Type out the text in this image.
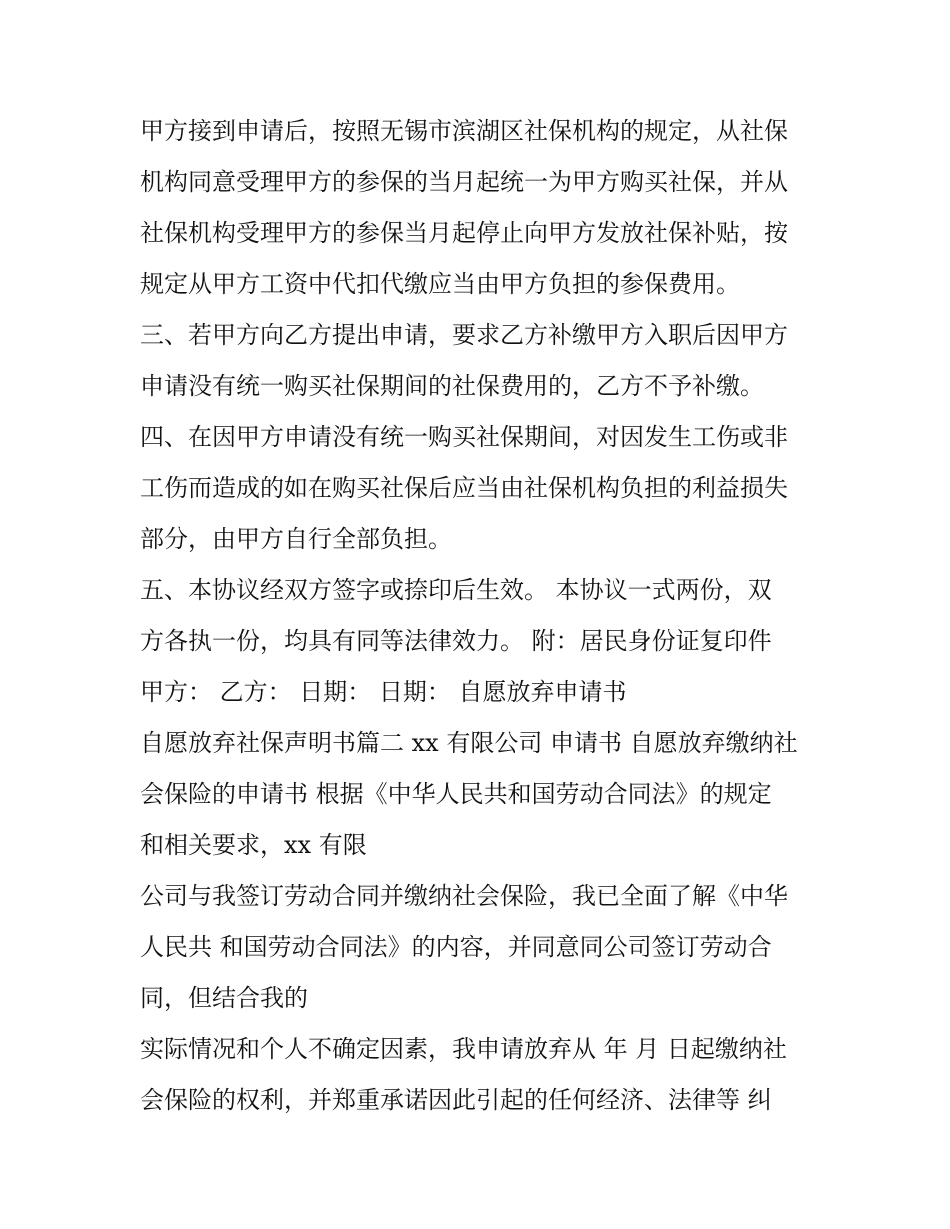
甲方接到申请后，按照无锡市滨湖区社保机构的规定，从社保
机构同意受理甲方的参保的当月起统一为甲方购买社保，并从
社保机构受理甲方的参保当月起停止向甲方发放社保补贴，按
规定从甲方工资中代扣代缴应当由甲方负担的参保费用。
三、若甲方向乙方提出申请，要求乙方补缴甲方入职后因甲方
申请没有统一购买社保期间的社保费用的，乙方不予补缴。
四、在因甲方申请没有统一购买社保期间，对因发生工伤或非
工伤而造成的如在购买社保后应当由社保机构负担的利益损失
部分，由甲方自行全部负担。
五、本协议经双方签字或捺印后生效。 本协议一式两份，双
方各执一份，均具有同等法律效力。 附：居民身份证复印件
甲方： 乙方： 日期： 日期： 自愿放弃申请书
自愿放弃社保声明书篇二 xx 有限公司 申请书 自愿放弃缴纳社
会保险的申请书 根据《中华人民共和国劳动合同法》的规定
和相关要求，xx 有限
公司与我签订劳动合同并缴纳社会保险，我已全面了解《中华
人民共 和国劳动合同法》的内容，并同意同公司签订劳动合
同，但结合我的
实际情况和个人不确定因素，我申请放弃从 年 月 日起缴纳社
会保险的权利，并郑重承诺因此引起的任何经济、法律等 纠
